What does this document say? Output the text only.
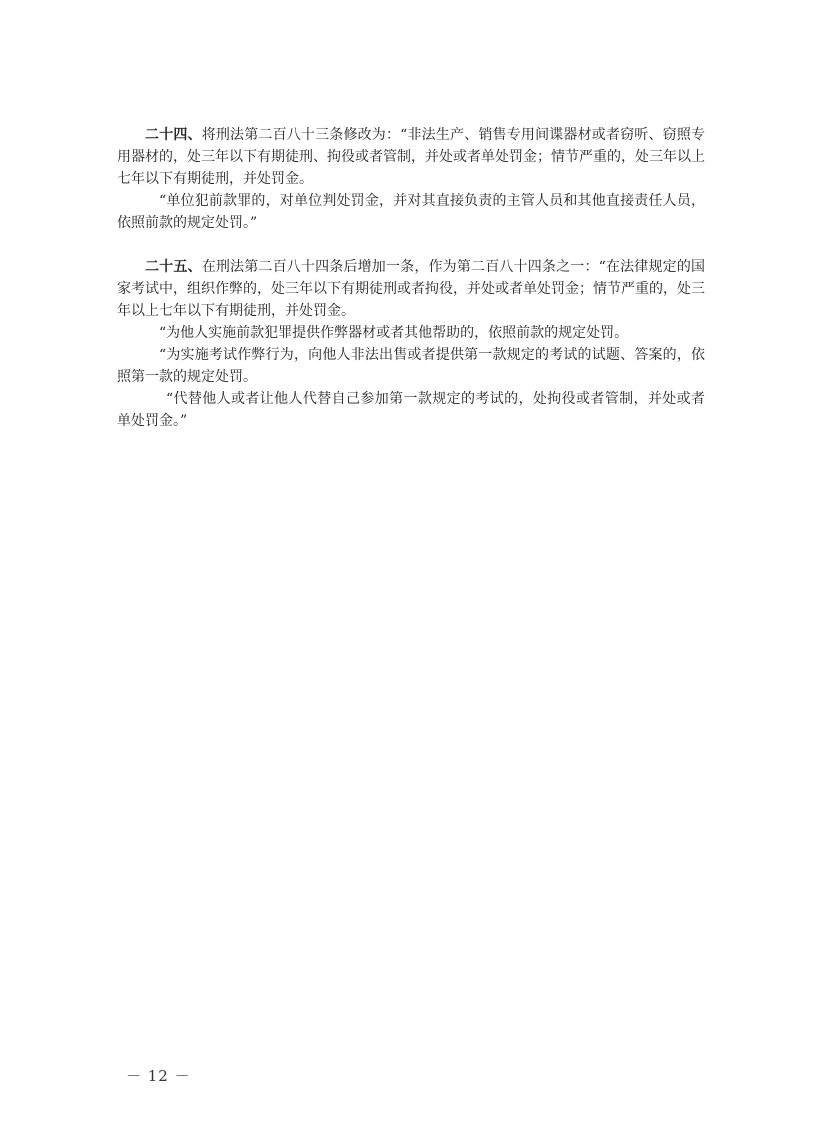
二十四、将刑法第二百八十三条修改为：“非法生产、销售专用间谍器材或者窃听、窃照专用器材的，处三年以下有期徒刑、拘役或者管制，并处或者单处罚金；情节严重的，处三年以上七年以下有期徒刑，并处罚金。

“单位犯前款罪的，对单位判处罚金，并对其直接负责的主管人员和其他直接责任人员，依照前款的规定处罚。”

二十五、在刑法第二百八十四条后增加一条，作为第二百八十四条之一：“在法律规定的国家考试中，组织作弊的，处三年以下有期徒刑或者拘役，并处或者单处罚金；情节严重的，处三年以上七年以下有期徒刑，并处罚金。

“为他人实施前款犯罪提供作弊器材或者其他帮助的，依照前款的规定处罚。

“为实施考试作弊行为，向他人非法出售或者提供第一款规定的考试的试题、答案的，依照第一款的规定处罚。

“代替他人或者让他人代替自己参加第一款规定的考试的，处拘役或者管制，并处或者单处罚金。”

－ 12 －
